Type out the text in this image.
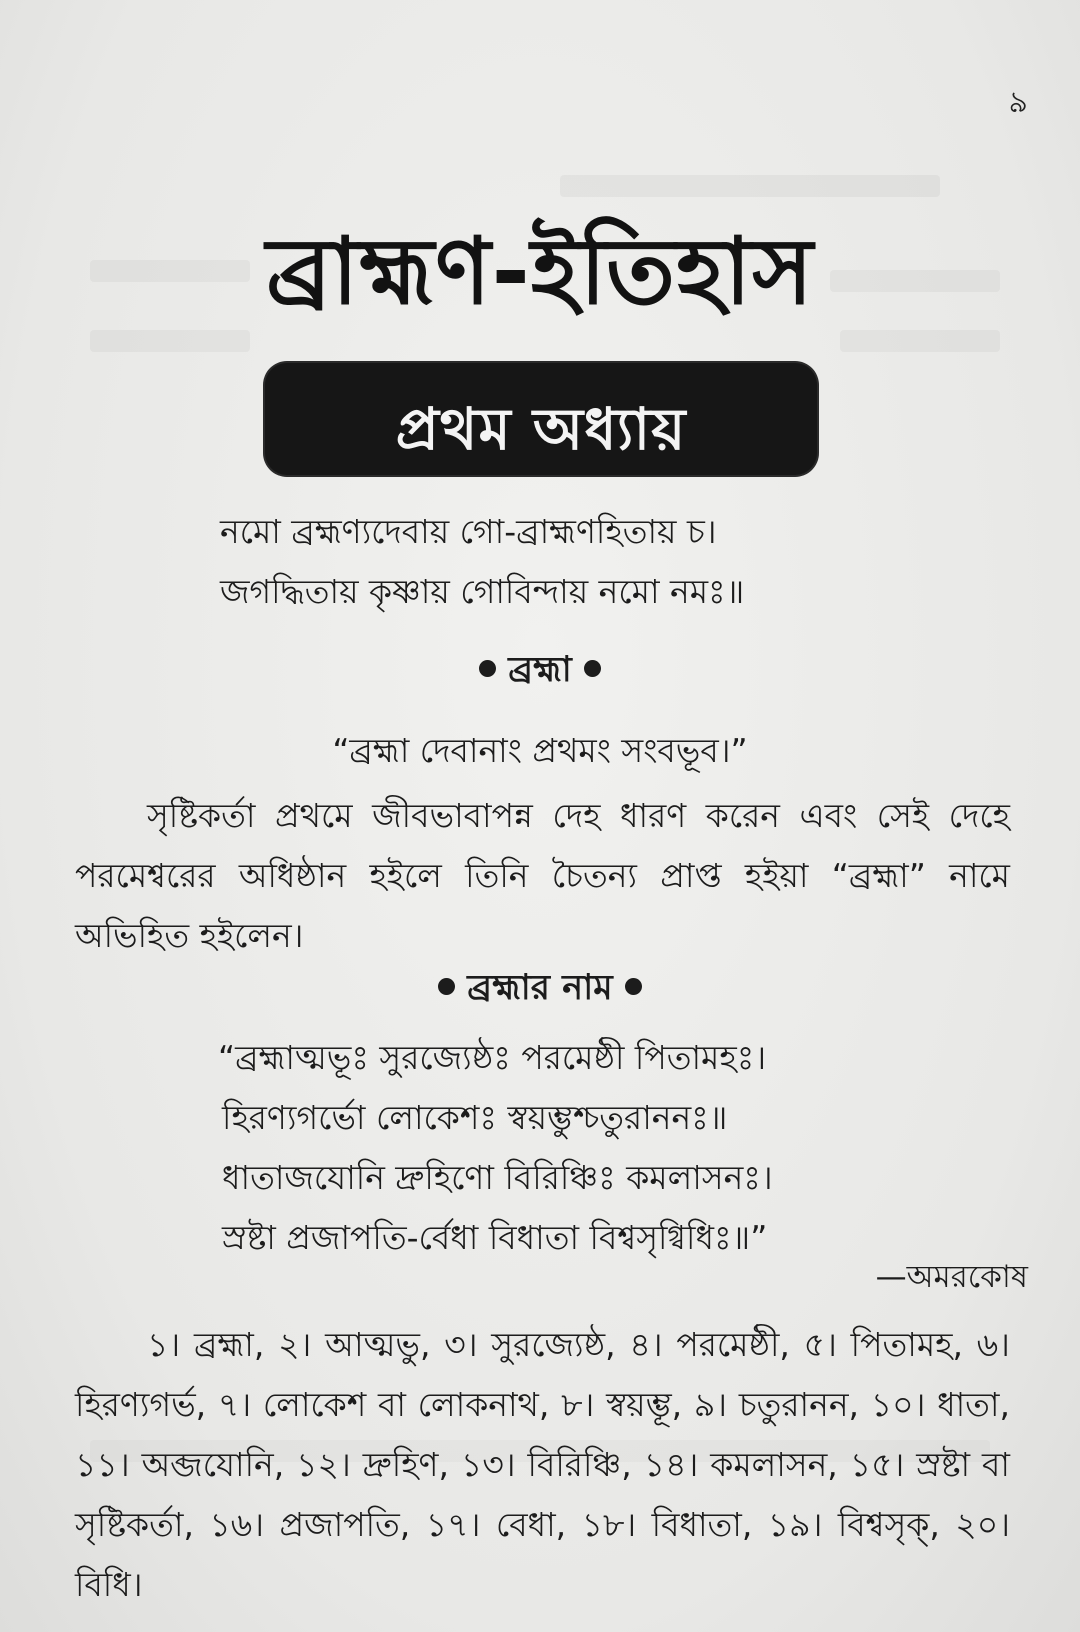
৯
ব্রাহ্মণ-ইতিহাস
প্রথম অধ্যায়
নমো ব্রহ্মণ্যদেবায় গো-ব্রাহ্মণহিতায় চ।
জগদ্ধিতায় কৃষ্ণায় গোবিন্দায় নমো নমঃ॥
ব্রহ্মা
“ব্রহ্মা দেবানাং প্রথমং সংবভূব।”
সৃষ্টিকর্তা প্রথমে জীবভাবাপন্ন দেহ ধারণ করেন এবং সেই দেহে পরমেশ্বরের অধিষ্ঠান হইলে তিনি চৈতন্য প্রাপ্ত হইয়া “ব্রহ্মা” নামে অভিহিত হইলেন।
ব্রহ্মার নাম
“ব্রহ্মাত্মভূঃ সুরজ্যেষ্ঠঃ পরমেষ্ঠী পিতামহঃ।
হিরণ্যগর্ভো লোকেশঃ স্বয়ম্ভুশ্চতুরাননঃ॥
ধাতাজযোনি দ্রুহিণো বিরিঞ্চিঃ কমলাসনঃ।
স্রষ্টা প্রজাপতি-র্বেধা বিধাতা বিশ্বসৃগ্বিধিঃ॥”
—অমরকোষ
১। ব্রহ্মা, ২। আত্মভু, ৩। সুরজ্যেষ্ঠ, ৪। পরমেষ্ঠী, ৫। পিতামহ, ৬। হিরণ্যগর্ভ, ৭। লোকেশ বা লোকনাথ, ৮। স্বয়ম্ভূ, ৯। চতুরানন, ১০। ধাতা, ১১। অব্জযোনি, ১২। দ্রুহিণ, ১৩। বিরিঞ্চি, ১৪। কমলাসন, ১৫। স্রষ্টা বা সৃষ্টিকর্তা, ১৬। প্রজাপতি, ১৭। বেধা, ১৮। বিধাতা, ১৯। বিশ্বসৃক্, ২০। বিধি।
